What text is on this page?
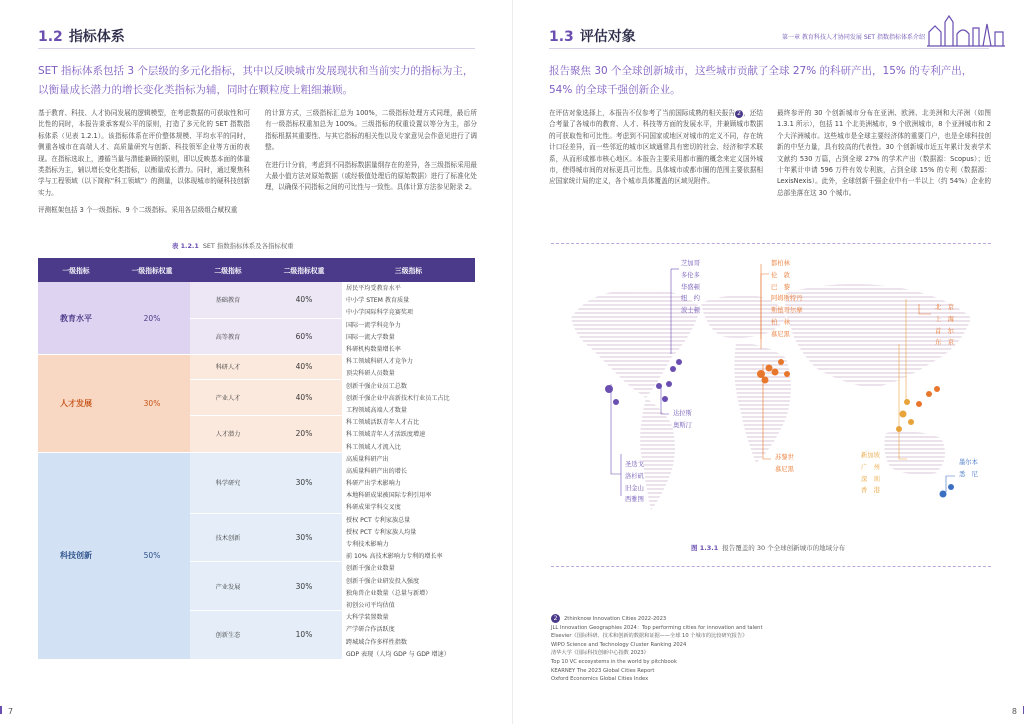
1.2 指标体系
SET 指标体系包括 3 个层级的多元化指标，其中以反映城市发展现状和当前实力的指标为主，以衡量成长潜力的增长变化类指标为辅，同时在颗粒度上粗细兼顾。

基于教育、科技、人才协同发展的逻辑模型，在考虑数据的可获取性和可比性的同时，本报告秉承客观公平的原则，打造了多元化的 SET 指数指标体系（见表 1.2.1）。该指标体系在评价整体规模、平均水平的同时，侧重各城市在高端人才、高质量研究与创新、科技领军企业等方面的表现。在指标选取上，遵循当量与潜能兼顾的原则，即以反映基本面的体量类指标为主，辅以增长变化类指标，以衡量成长潜力。同时，通过聚焦科学与工程领域（以下简称“科工领域”）的测量，以体现城市的硬科技创新实力。

评测框架包括 3 个一级指标、9 个二级指标。采用各层级组合赋权重

的计算方式，三级指标汇总为 100%，二级指标处理方式同理，最后所有一级指标权重加总为 100%。三级指标的权重设置以等分为主，部分指标根据其重要性、与其它指标的相关性以及专家意见会作意见进行了调整。

在进行计分前，考虑到不同指标数据量纲存在的差异，各三级指标采用最大最小值方法对原始数据（或经极值处理后的原始数据）进行了标准化处理，以确保不同指标之间的可比性与一致性。具体计算方法参见附录 2。

表 1.2.1 SET 指数指标体系及各指标权重
一级指标	一级指标权重	二级指标	二级指标权重	三级指标
教育水平	20%	基础教育	40%	居民平均受教育水平
				中小学 STEM 教育质量
				中小学国际科学竞赛奖项
		高等教育	60%	国际一流学科竞争力
				国际一流大学数量
				科研机构数量增长率
人才发展	30%	科研人才	40%	科工领域科研人才竞争力
				顶尖科研人员数量
		产业人才	40%	创新千强企业员工总数
				创新千强企业中高新技术行业员工占比
				工程领域高端人才数量
		人才潜力	20%	科工领域活跃青年人才占比
				科工领域青年人才活跃度增速
				科工领域人才流入比
科技创新	50%	科学研究	30%	高质量科研产出
				高质量科研产出的增长
				科研产出学术影响力
				本地科研成果被国际专利引用率
				科研成果学科交叉度
		技术创新	30%	授权 PCT 专利家族总量
				授权 PCT 专利家族人均量
				专利技术影响力
				前 10% 高技术影响力专利的增长率
		产业发展	30%	创新千强企业数量
				创新千强企业研发投入强度
				独角兽企业数量（总量与新增）
				初创公司平均估值
		创新生态	10%	大科学装置数量
				产学研合作活跃度
				跨城域合作多样性指数
				GDP 表现（人均 GDP 与 GDP 增速）
7
1.3 评估对象	第一章 教育科技人才协同发展 SET 指数指标体系介绍
报告聚焦 30 个全球创新城市，这些城市贡献了全球 27% 的科研产出，15% 的专利产出，54% 的全球千强创新企业。

在评估对象选择上，本报告不仅参考了当前国际成熟的相关报告 2 ，还结合考量了各城市的教育、人才、科技等方面的发展水平，并兼顾城市数据的可获取性和可比性。考虑到不同国家或地区对城市的定义不同，存在统计口径差异，而一些邻近的城市区域通常具有密切的社会、经济和学术联系，从而形成都市核心地区。本报告主要采用都市圈的概念来定义国外城市，使得城市间的对标更具可比性。具体城市或都市圈的范围主要依据相应国家统计局的定义，各个城市具体覆盖的区域见附件。

最终参评的 30 个创新城市分布在亚洲、欧洲、北美洲和大洋洲（如图 1.3.1 所示），包括 11 个北美洲城市，9 个欧洲城市，8 个亚洲城市和 2 个大洋洲城市。这些城市是全球主要经济体的重要门户，也是全球科技创新的中坚力量，具有较高的代表性。30 个创新城市近五年累计发表学术文献约 530 万篇，占到全球 27% 的学术产出（数据源：Scopus）；近十年累计申请 596 万件有效专利族，占到全球 15% 的专利（数据源：LexisNexis）。此外，全球创新千强企业中有一半以上（约 54%）企业的总部坐落在这 30 个城市。

芝加哥
多伦多
华盛顿
纽　约
波士顿
达拉斯
奥斯汀
圣迭戈
洛杉矶
旧金山
西雅图
都柏林
伦　敦
巴　黎
阿姆斯特丹
斯德哥尔摩
柏　林
慕尼黑
苏黎世
慕尼黑
北　京
上　海
首　尔
东　京
新加坡
广　州
深　圳
香　港
墨尔本
悉　尼
图 1.3.1 报告覆盖的 30 个全球创新城市的地域分布
2 2thinknow Innovation Cities 2022-2023
JLL Innovation Geographies 2024：Top performing cities for innovation and talent
Elsevier《国际科研、技术和创新的数据和证据——全球 10 个城市的比较研究报告》
WIPO Science and Technology Cluster Ranking 2024
清华大学《国际科技创新中心指数 2023》
Top 10 VC ecosystems in the world by pitchbook
KEARNEY The 2023 Global Cities Report
Oxford Economics Global Cities Index
8
